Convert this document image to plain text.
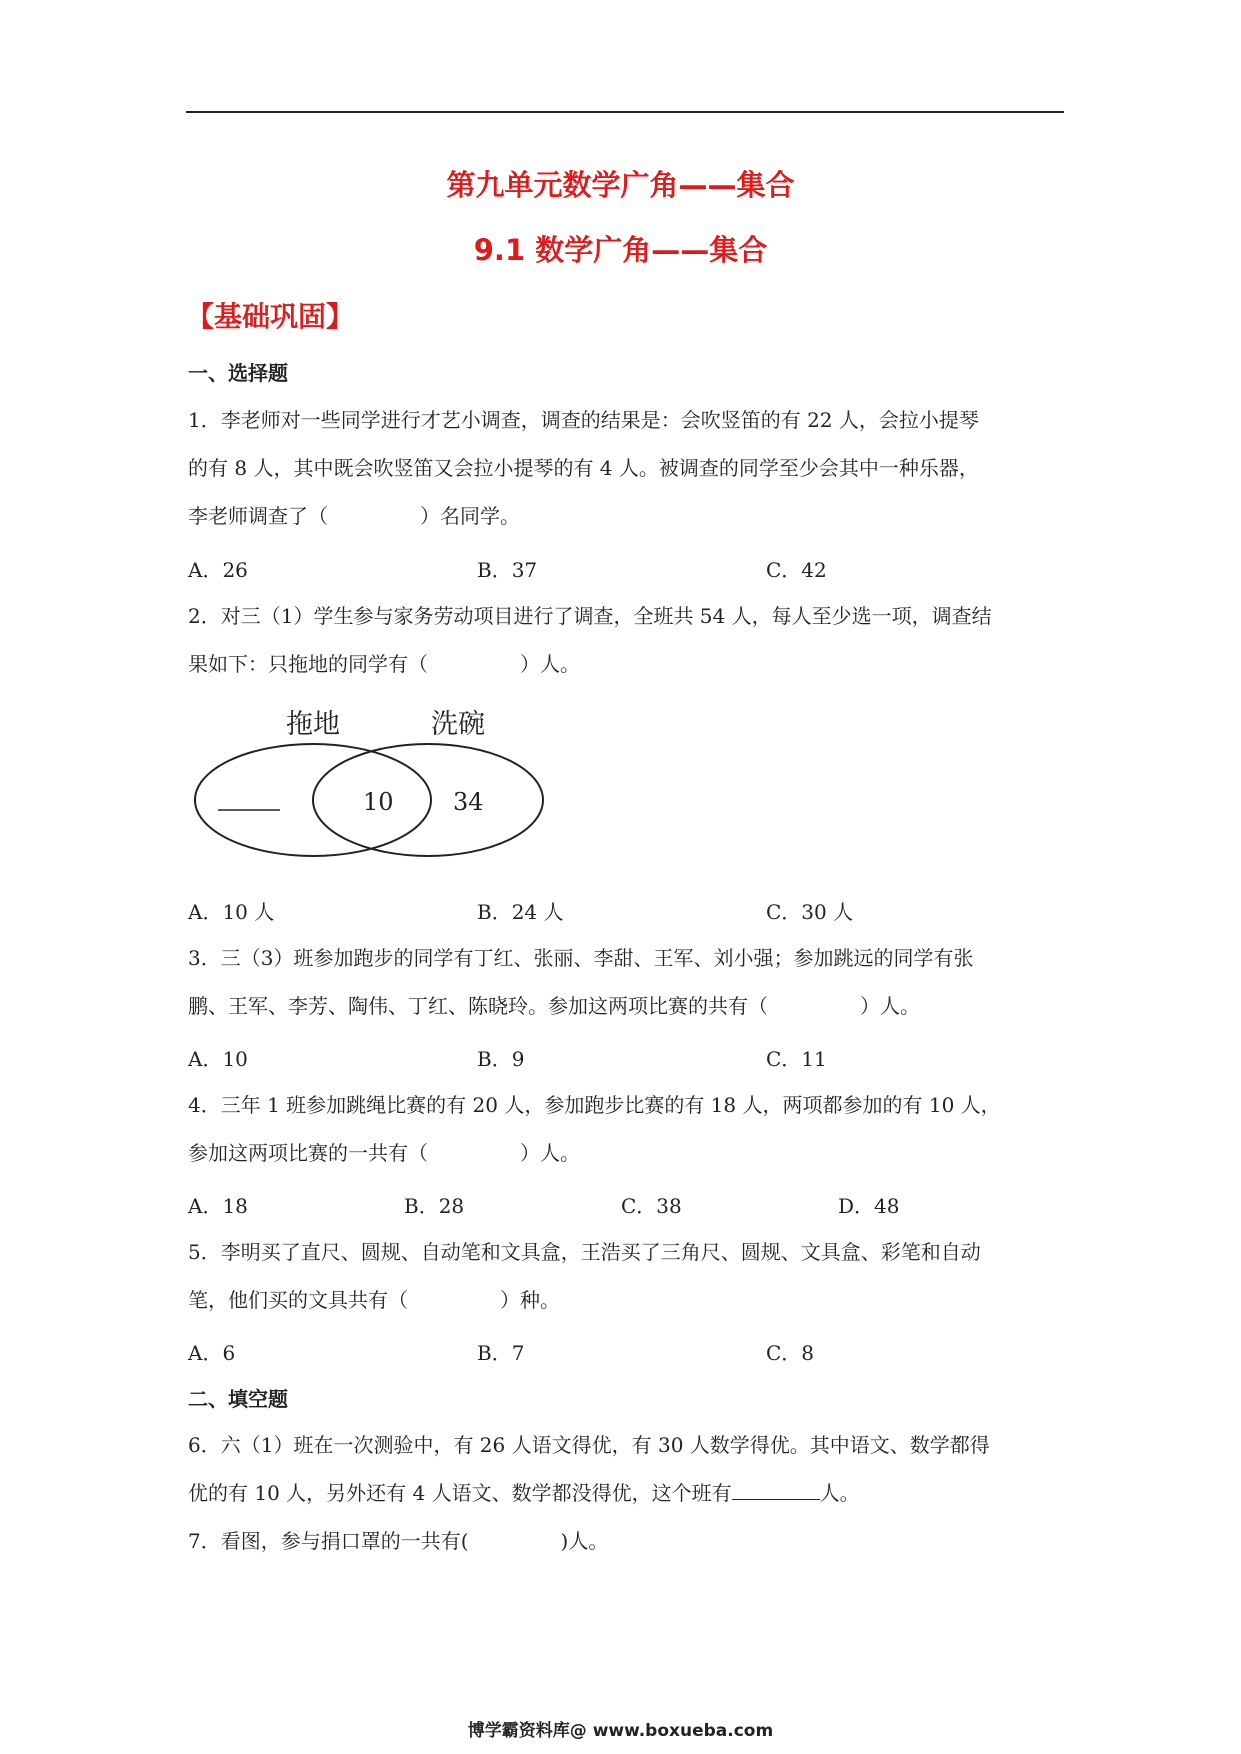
第九单元数学广角——集合
9.1 数学广角——集合
【基础巩固】
一、选择题
1．李老师对一些同学进行才艺小调查，调查的结果是：会吹竖笛的有 22 人，会拉小提琴
的有 8 人，其中既会吹竖笛又会拉小提琴的有 4 人。被调查的同学至少会其中一种乐器，
李老师调查了（	）名同学。
A．26	B．37	C．42
2．对三（1）学生参与家务劳动项目进行了调查，全班共 54 人，每人至少选一项，调查结
果如下：只拖地的同学有（	）人。
拖地	洗碗
10 34
A．10 人	B．24 人	C．30 人
3．三（3）班参加跑步的同学有丁红、张丽、李甜、王军、刘小强；参加跳远的同学有张
鹏、王军、李芳、陶伟、丁红、陈晓玲。参加这两项比赛的共有（	）人。
A．10	B．9	C．11
4．三年 1 班参加跳绳比赛的有 20 人，参加跑步比赛的有 18 人，两项都参加的有 10 人，
参加这两项比赛的一共有（	）人。
A．18	B．28	C．38	D．48
5．李明买了直尺、圆规、自动笔和文具盒，王浩买了三角尺、圆规、文具盒、彩笔和自动
笔，他们买的文具共有（	）种。
A．6	B．7	C．8
二、填空题
6．六（1）班在一次测验中，有 26 人语文得优，有 30 人数学得优。其中语文、数学都得
优的有 10 人，另外还有 4 人语文、数学都没得优，这个班有	人。
7．看图，参与捐口罩的一共有(	)人。
博学霸资料库@ www.boxueba.com
